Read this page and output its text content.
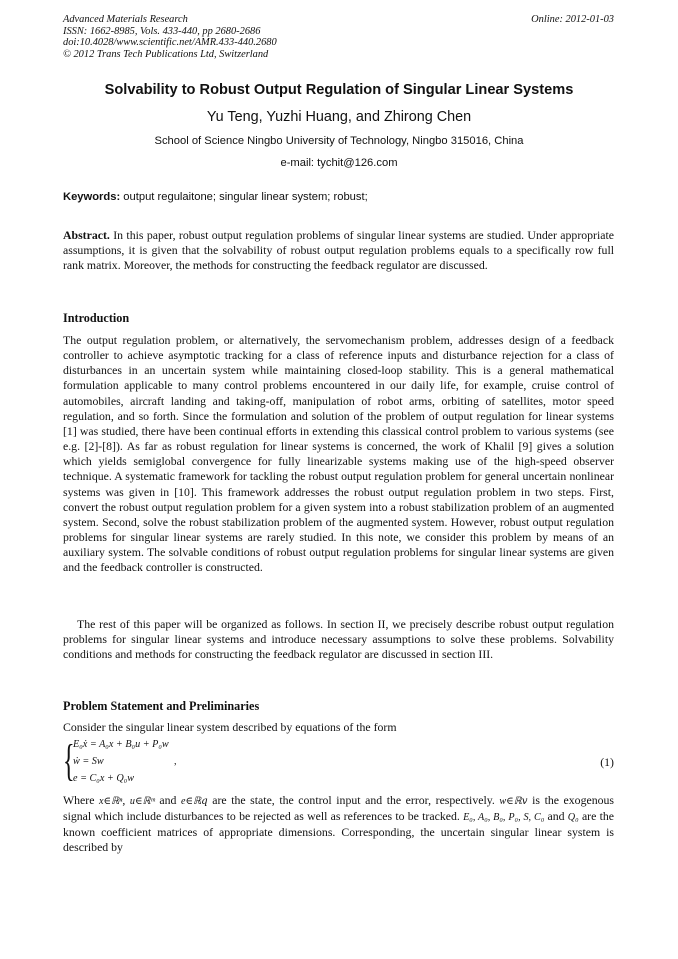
Advanced Materials Research
ISSN: 1662-8985, Vols. 433-440, pp 2680-2686
doi:10.4028/www.scientific.net/AMR.433-440.2680
© 2012 Trans Tech Publications Ltd, Switzerland
Online: 2012-01-03
Solvability to Robust Output Regulation of Singular Linear Systems
Yu Teng, Yuzhi Huang, and Zhirong Chen
School of Science Ningbo University of Technology, Ningbo 315016, China
e-mail: tychit@126.com
Keywords: output regulaitone; singular linear system; robust;
Abstract. In this paper, robust output regulation problems of singular linear systems are studied. Under appropriate assumptions, it is given that the solvability of robust output regulation problems equals to a specifically row full rank matrix. Moreover, the methods for constructing the feedback regulator are discussed.
Introduction
The output regulation problem, or alternatively, the servomechanism problem, addresses design of a feedback controller to achieve asymptotic tracking for a class of reference inputs and disturbance rejection for a class of disturbances in an uncertain system while maintaining closed-loop stability. This is a general mathematical formulation applicable to many control problems encountered in our daily life, for example, cruise control of automobiles, aircraft landing and taking-off, manipulation of robot arms, orbiting of satellites, motor speed regulation, and so forth. Since the formulation and solution of the problem of output regulation for linear systems [1] was studied, there have been continual efforts in extending this classical control problem to various systems (see e.g. [2]-[8]). As far as robust regulation for linear systems is concerned, the work of Khalil [9] gives a solution which yields semiglobal convergence for fully linearizable systems making use of the high-speed observer technique. A systematic framework for tackling the robust output regulation problem for general uncertain nonlinear systems was given in [10]. This framework addresses the robust output regulation problem in two steps. First, convert the robust output regulation problem for a given system into a robust stabilization problem of an augmented system. Second, solve the robust stabilization problem of the augmented system. However, robust output regulation problems for singular linear systems are rarely studied. In this note, we consider this problem by means of an auxiliary system. The solvable conditions of robust output regulation problems for singular linear systems are given and the feedback controller is constructed.
The rest of this paper will be organized as follows. In section II, we precisely describe robust output regulation problems for singular linear systems and introduce necessary assumptions to solve these problems. Solvability conditions and methods for constructing the feedback regulator are discussed in section III.
Problem Statement and Preliminaries
Consider the singular linear system described by equations of the form
{
E₀ẋ = A₀x + B₀u + P₀w
ẇ = Sw
e = C₀x + Q₀w
,	(1)
Where x∈ℝⁿ, u∈ℝᵐ and e∈ℝ𝑞 are the state, the control input and the error, respectively. w∈ℝ𝑣 is the exogenous signal which include disturbances to be rejected as well as references to be tracked. E₀, A₀, B₀, P₀, S, C₀ and Q₀ are the known coefficient matrices of appropriate dimensions. Corresponding, the uncertain singular linear system is described by
